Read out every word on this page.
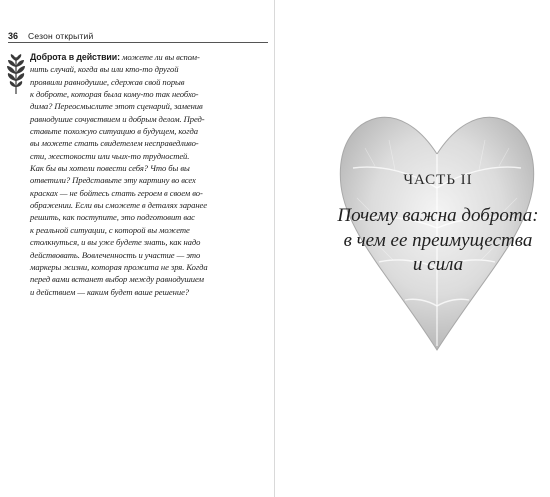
36 Сезон открытий
Доброта в действии: можете ли вы вспом-
нить случай, когда вы или кто-то другой
проявили равнодушие, сдержав свой порыв
к доброте, которая была кому-то так необхо-
дима? Переосмыслите этот сценарий, заменив
равнодушие сочувствием и добрым делом. Пред-
ставьте похожую ситуацию в будущем, когда
вы можете стать свидетелем несправедливо-
сти, жестокости или чьих-то трудностей.
Как бы вы хотели повести себя? Что бы вы
ответили? Представьте эту картину во всех
красках — не бойтесь стать героем в своем во-
ображении. Если вы сможете в деталях заранее
решить, как поступите, это подготовит вас
к реальной ситуации, с которой вы можете
столкнуться, и вы уже будете знать, как надо
действовать. Вовлеченность и участие — это
маркеры жизни, которая прожита не зря. Когда
перед вами встанет выбор между равнодушием
и действием — каким будет ваше решение?
ЧАСТЬ II
Почему важна доброта:
в чем ее преимущества
и сила
